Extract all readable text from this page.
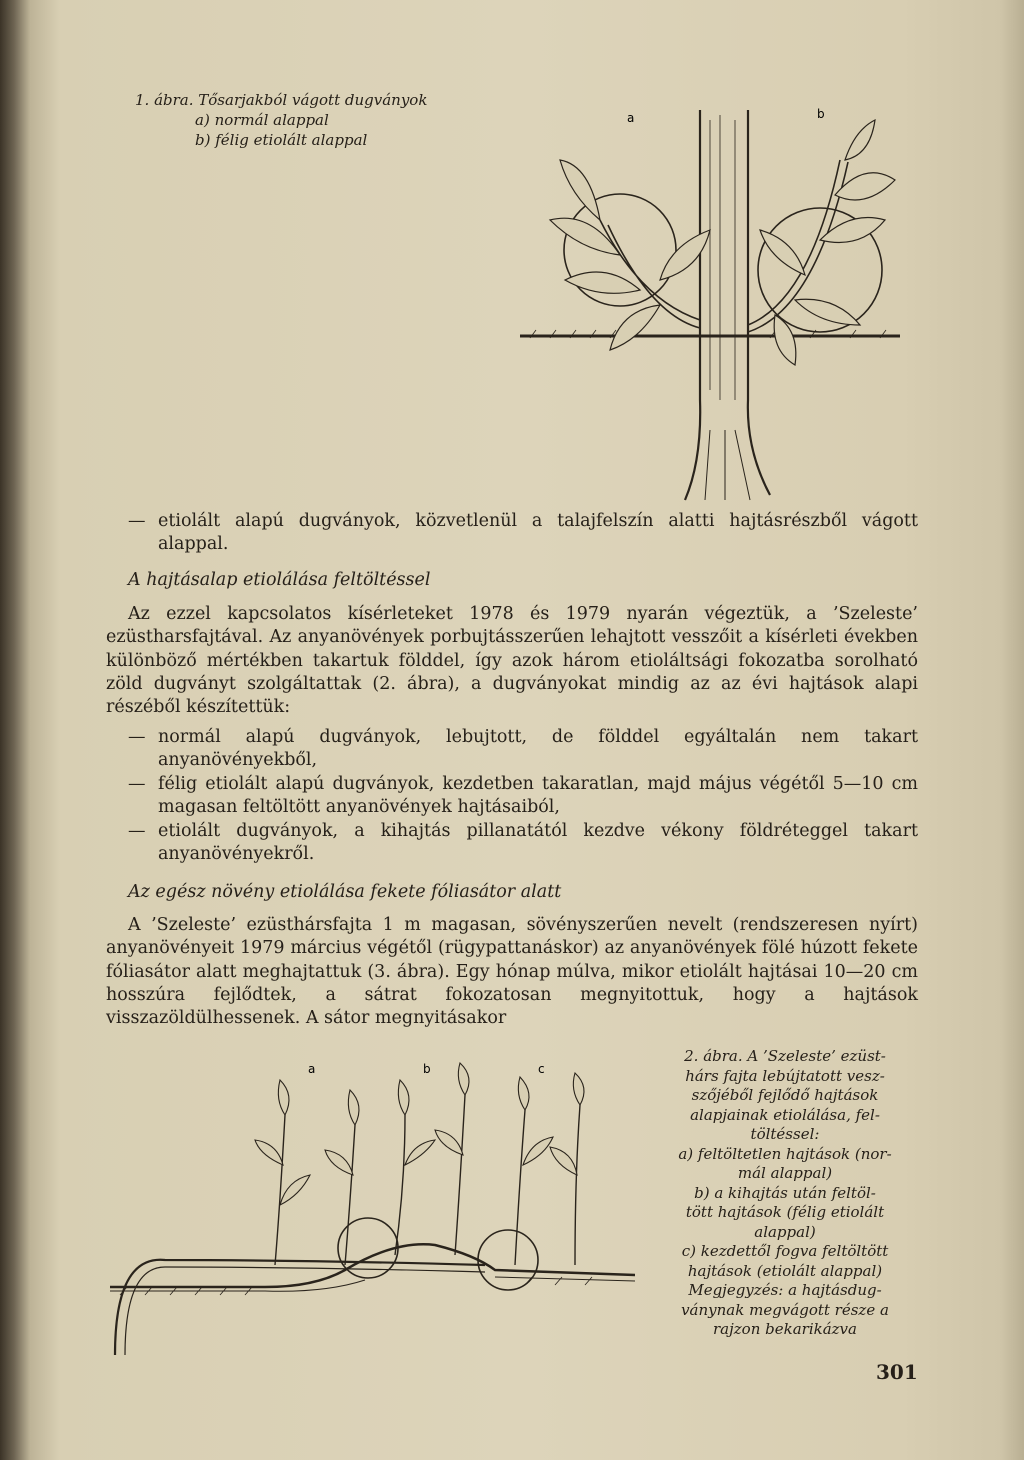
1. ábra. Tősarjakból vágott dugványok
a) normál alappal
b) félig etiolált alappal
a	b
— etiolált alapú dugványok, közvetlenül a talajfelszín alatti hajtásrészből vágott alappal.
A hajtásalap etiolálása feltöltéssel
Az ezzel kapcsolatos kísérleteket 1978 és 1979 nyarán végeztük, a ’Szeleste’ ezüstharsfajtával. Az anyanövények porbujtásszerűen lehajtott vesszőit a kísérleti években különböző mértékben takartuk földdel, így azok három etioláltsági fokozatba sorolható zöld dugványt szolgáltattak (2. ábra), a dugványokat mindig az az évi hajtások alapi részéből készítettük:
— normál alapú dugványok, lebujtott, de földdel egyáltalán nem takart anyanövényekből,
— félig etiolált alapú dugványok, kezdetben takaratlan, majd május végétől 5—10 cm magasan feltöltött anyanövények hajtásaiból,
— etiolált dugványok, a kihajtás pillanatától kezdve vékony földréteggel takart anyanövényekről.
Az egész növény etiolálása fekete fóliasátor alatt
A ’Szeleste’ ezüsthársfajta 1 m magasan, sövényszerűen nevelt (rendszeresen nyírt) anyanövényeit 1979 március végétől (rügypattanáskor) az anyanövények fölé húzott fekete fóliasátor alatt meghajtattuk (3. ábra). Egy hónap múlva, mikor etiolált hajtásai 10—20 cm hosszúra fejlődtek, a sátrat fokozatosan megnyitottuk, hogy a hajtások visszazöldülhessenek. A sátor megnyitásakor
a	b	c
2. ábra. A ’Szeleste’ ezüst-
hárs fajta lebújtatott vesz-
szőjéből fejlődő hajtások
alapjainak etiolálása, fel-
töltéssel:
a) feltöltetlen hajtások (nor-
mál alappal)
b) a kihajtás után feltöl-
tött hajtások (félig etiolált
alappal)
c) kezdettől fogva feltöltött
hajtások (etiolált alappal)
Megjegyzés: a hajtásdug-
ványnak megvágott része a
rajzon bekarikázva
301
